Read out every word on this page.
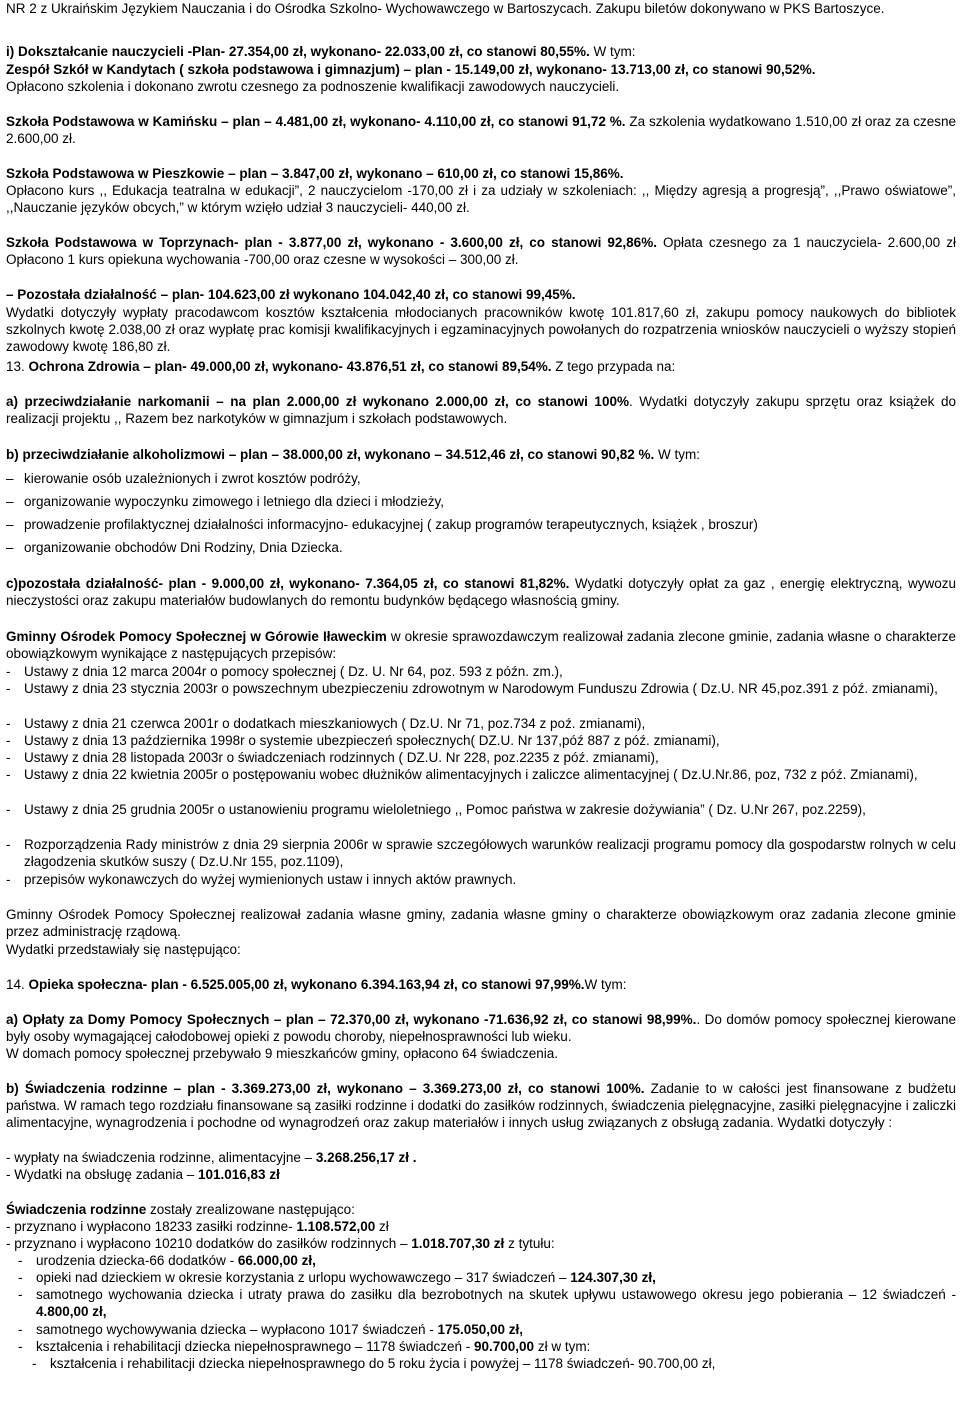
NR 2 z Ukraińskim Językiem Nauczania i do Ośrodka Szkolno- Wychowawczego w Bartoszycach. Zakupu biletów dokonywano w PKS Bartoszyce.

i) Dokształcanie nauczycieli -Plan- 27.354,00 zł, wykonano- 22.033,00 zł, co stanowi 80,55%. W tym:

Zespół Szkół w Kandytach ( szkoła podstawowa i gimnazjum) – plan - 15.149,00 zł, wykonano- 13.713,00 zł, co stanowi 90,52%.

Opłacono szkolenia i dokonano zwrotu czesnego za podnoszenie kwalifikacji zawodowych nauczycieli.

Szkoła Podstawowa w Kamińsku – plan – 4.481,00 zł, wykonano- 4.110,00 zł, co stanowi 91,72 %. Za szkolenia wydatkowano 1.510,00 zł oraz za czesne 2.600,00 zł.

Szkoła Podstawowa w Pieszkowie – plan – 3.847,00 zł, wykonano – 610,00 zł, co stanowi 15,86%.

Opłacono kurs ,, Edukacja teatralna w edukacji”, 2 nauczycielom -170,00 zł i za udziały w szkoleniach: ,, Między agresją a progresją”, ,,Prawo oświatowe”, ,,Nauczanie języków obcych,” w którym wzięło udział 3 nauczycieli- 440,00 zł.

Szkoła Podstawowa w Toprzynach- plan - 3.877,00 zł, wykonano - 3.600,00 zł, co stanowi 92,86%. Opłata czesnego za 1 nauczyciela- 2.600,00 zł Opłacono 1 kurs opiekuna wychowania -700,00 oraz czesne w wysokości – 300,00 zł.

– Pozostała działalność – plan- 104.623,00 zł wykonano 104.042,40 zł, co stanowi 99,45%.

Wydatki dotyczyły wypłaty pracodawcom kosztów kształcenia młodocianych pracowników kwotę 101.817,60 zł, zakupu pomocy naukowych do bibliotek szkolnych kwotę 2.038,00 zł oraz wypłatę prac komisji kwalifikacyjnych i egzaminacyjnych powołanych do rozpatrzenia wniosków nauczycieli o wyższy stopień zawodowy kwotę 186,80 zł.

13. Ochrona Zdrowia – plan- 49.000,00 zł, wykonano- 43.876,51 zł, co stanowi 89,54%. Z tego przypada na:

a) przeciwdziałanie narkomanii – na plan 2.000,00 zł wykonano 2.000,00 zł, co stanowi 100%. Wydatki dotyczyły zakupu sprzętu oraz książek do realizacji projektu ,, Razem bez narkotyków w gimnazjum i szkołach podstawowych.

b) przeciwdziałanie alkoholizmowi – plan – 38.000,00 zł, wykonano – 34.512,46 zł, co stanowi 90,82 %. W tym:

– kierowanie osób uzależnionych i zwrot kosztów podróży,
– organizowanie wypoczynku zimowego i letniego dla dzieci i młodzieży,
– prowadzenie profilaktycznej działalności informacyjno- edukacyjnej ( zakup programów terapeutycznych, książek , broszur)
– organizowanie obchodów Dni Rodziny, Dnia Dziecka.

c)pozostała działalność- plan - 9.000,00 zł, wykonano- 7.364,05 zł, co stanowi 81,82%. Wydatki dotyczyły opłat za gaz , energię elektryczną, wywozu nieczystości oraz zakupu materiałów budowlanych do remontu budynków będącego własnością gminy.

Gminny Ośrodek Pomocy Społecznej w Górowie Iławeckim w okresie sprawozdawczym realizował zadania zlecone gminie, zadania własne o charakterze obowiązkowym wynikające z następujących przepisów:

- Ustawy z dnia 12 marca 2004r o pomocy społecznej ( Dz. U. Nr 64, poz. 593 z późn. zm.),
- Ustawy z dnia 23 stycznia 2003r o powszechnym ubezpieczeniu zdrowotnym w Narodowym Funduszu Zdrowia ( Dz.U. NR 45,poz.391 z póź. zmianami),
- Ustawy z dnia 21 czerwca 2001r o dodatkach mieszkaniowych ( Dz.U. Nr 71, poz.734 z poź. zmianami),
- Ustawy z dnia 13 października 1998r o systemie ubezpieczeń społecznych( DZ.U. Nr 137,póź 887 z póź. zmianami),
- Ustawy z dnia 28 listopada 2003r o świadczeniach rodzinnych ( DZ.U. Nr 228, poz.2235 z póź. zmianami),
- Ustawy z dnia 22 kwietnia 2005r o postępowaniu wobec dłużników alimentacyjnych i zaliczce alimentacyjnej ( Dz.U.Nr.86, poz, 732 z póź. Zmianami),
- Ustawy z dnia 25 grudnia 2005r o ustanowieniu programu wieloletniego ,, Pomoc państwa w zakresie dożywiania” ( Dz. U.Nr 267, poz.2259),
- Rozporządzenia Rady ministrów z dnia 29 sierpnia 2006r w sprawie szczegółowych warunków realizacji programu pomocy dla gospodarstw rolnych w celu złagodzenia skutków suszy ( Dz.U.Nr 155, poz.1109),
- przepisów wykonawczych do wyżej wymienionych ustaw i innych aktów prawnych.

Gminny Ośrodek Pomocy Społecznej realizował zadania własne gminy, zadania własne gminy o charakterze obowiązkowym oraz zadania zlecone gminie przez administrację rządową.

Wydatki przedstawiały się następująco:

14. Opieka społeczna- plan - 6.525.005,00 zł, wykonano 6.394.163,94 zł, co stanowi 97,99%.W tym:

a) Opłaty za Domy Pomocy Społecznych – plan – 72.370,00 zł, wykonano -71.636,92 zł, co stanowi 98,99%.. Do domów pomocy społecznej kierowane były osoby wymagającej całodobowej opieki z powodu choroby, niepełnosprawności lub wieku.

W domach pomocy społecznej przebywało 9 mieszkańców gminy, opłacono 64 świadczenia.

b) Świadczenia rodzinne – plan - 3.369.273,00 zł, wykonano – 3.369.273,00 zł, co stanowi 100%. Zadanie to w całości jest finansowane z budżetu państwa. W ramach tego rozdziału finansowane są zasiłki rodzinne i dodatki do zasiłków rodzinnych, świadczenia pielęgnacyjne, zasiłki pielęgnacyjne i zaliczki alimentacyjne, wynagrodzenia i pochodne od wynagrodzeń oraz zakup materiałów i innych usług związanych z obsługą zadania. Wydatki dotyczyły :

- wypłaty na świadczenia rodzinne, alimentacyjne – 3.268.256,17 zł .

- Wydatki na obsługę zadania – 101.016,83 zł

Świadczenia rodzinne zostały zrealizowane następująco:

- przyznano i wypłacono 18233 zasiłki rodzinne- 1.108.572,00 zł

- przyznano i wypłacono 10210 dodatków do zasiłków rodzinnych – 1.018.707,30 zł z tytułu:

- urodzenia dziecka-66 dodatków - 66.000,00 zł,
- opieki nad dzieckiem w okresie korzystania z urlopu wychowawczego – 317 świadczeń – 124.307,30 zł,
- samotnego wychowania dziecka i utraty prawa do zasiłku dla bezrobotnych na skutek upływu ustawowego okresu jego pobierania – 12 świadczeń - 4.800,00 zł,
- samotnego wychowywania dziecka – wypłacono 1017 świadczeń - 175.050,00 zł,
- kształcenia i rehabilitacji dziecka niepełnosprawnego – 1178 świadczeń - 90.700,00 zł w tym:
- kształcenia i rehabilitacji dziecka niepełnosprawnego do 5 roku życia i powyżej – 1178 świadczeń- 90.700,00 zł,
